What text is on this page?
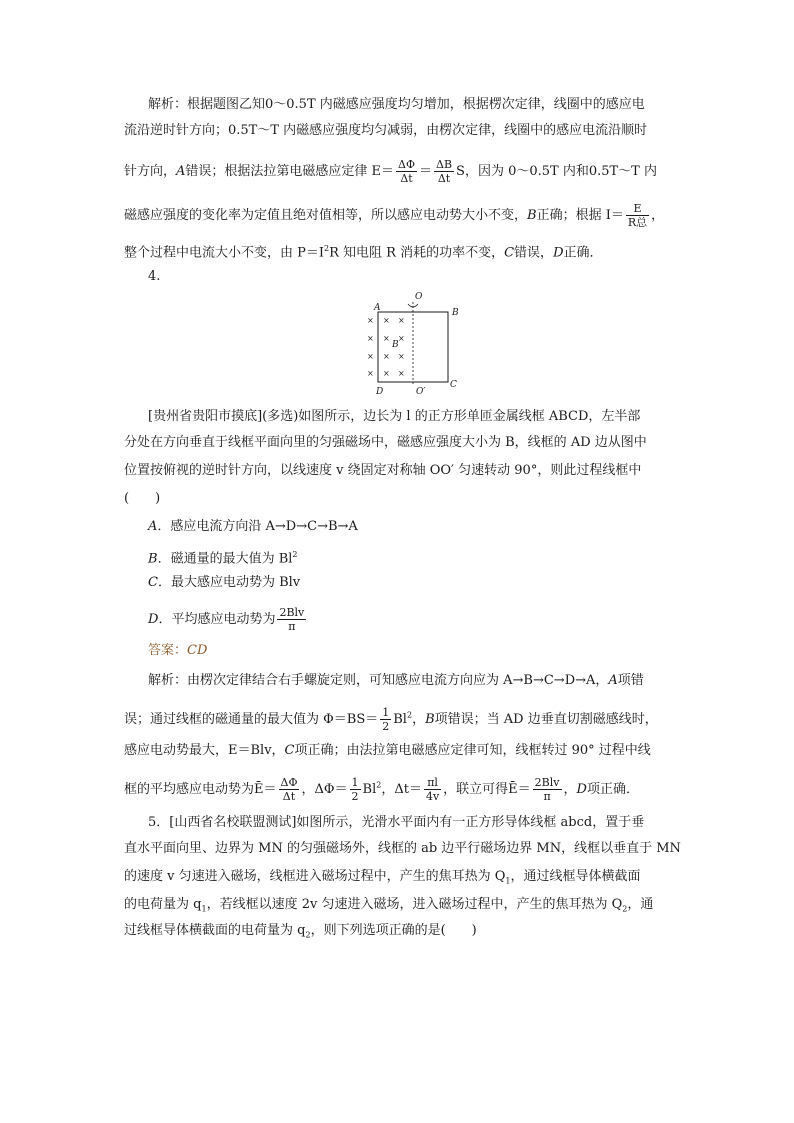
解析：根据题图乙知0～0.5T 内磁感应强度均匀增加，根据楞次定律，线圈中的感应电
流沿逆时针方向；0.5T～T 内磁感应强度均匀减弱，由楞次定律，线圈中的感应电流沿顺时
针方向，A错误；根据法拉第电磁感应定律 $E= \frac{\Delta\Phi}{\Delta t} = \frac{\Delta B}{\Delta t}$ S，因为 0～0.5T 内和0.5T～T 内
磁感应强度的变化率为定值且绝对值相等，所以感应电动势大小不变，B正确；根据 $I= \frac{E}{\text{R总}}$ ，
整个过程中电流大小不变，由 $P=I^2R$ 知电阻 R 消耗的功率不变，C错误，D正确．
4.
A	B
C
D
O
O′
B
×
×
×
×
× ×
× ×
× ×
× ×
[贵州省贵阳市摸底](多选)如图所示，边长为 l 的正方形单匝金属线框 ABCD，左半部
分处在方向垂直于线框平面向里的匀强磁场中，磁感应强度大小为 B，线框的 AD 边从图中
位置按俯视的逆时针方向，以线速度 v 绕固定对称轴 OO′ 匀速转动 90°，则此过程线框中
(　　)
A．感应电流方向沿 A→D→C→B→A
B．磁通量的最大值为 Bl$^2$
C．最大感应电动势为 Blv
D．平均感应电动势为 $\frac{\text{2Blv}}{\pi}$
答案：CD
解析：由楞次定律结合右手螺旋定则，可知感应电流方向应为 A→B→C→D→A，A项错
误；通过线框的磁通量的最大值为 $\Phi=BS= \frac{1}{2} Bl^2$，B项错误；当 AD 边垂直切割磁感线时，
感应电动势最大，E＝Blv，C项正确；由法拉第电磁感应定律可知，线框转过 90° 过程中线
框的平均感应电动势为Ē＝ $\frac{\Delta\Phi}{\Delta t}$ ，$\Delta\Phi= \frac{1}{2} Bl^2$，$\Delta t= \frac{\pi l}{4v}$ ，联立可得Ē＝ $\frac{\text{2Blv}}{\pi}$ ，D项正确．
5．[山西省名校联盟测试]如图所示，光滑水平面内有一正方形导体线框 abcd，置于垂
直水平面向里、边界为 MN 的匀强磁场外，线框的 ab 边平行磁场边界 MN，线框以垂直于 MN
的速度 v 匀速进入磁场，线框进入磁场过程中，产生的焦耳热为 $Q_1$，通过线框导体横截面
的电荷量为 $q_1$，若线框以速度 2v 匀速进入磁场，进入磁场过程中，产生的焦耳热为 $Q_2$，通
过线框导体横截面的电荷量为 $q_2$，则下列选项正确的是(　　)
